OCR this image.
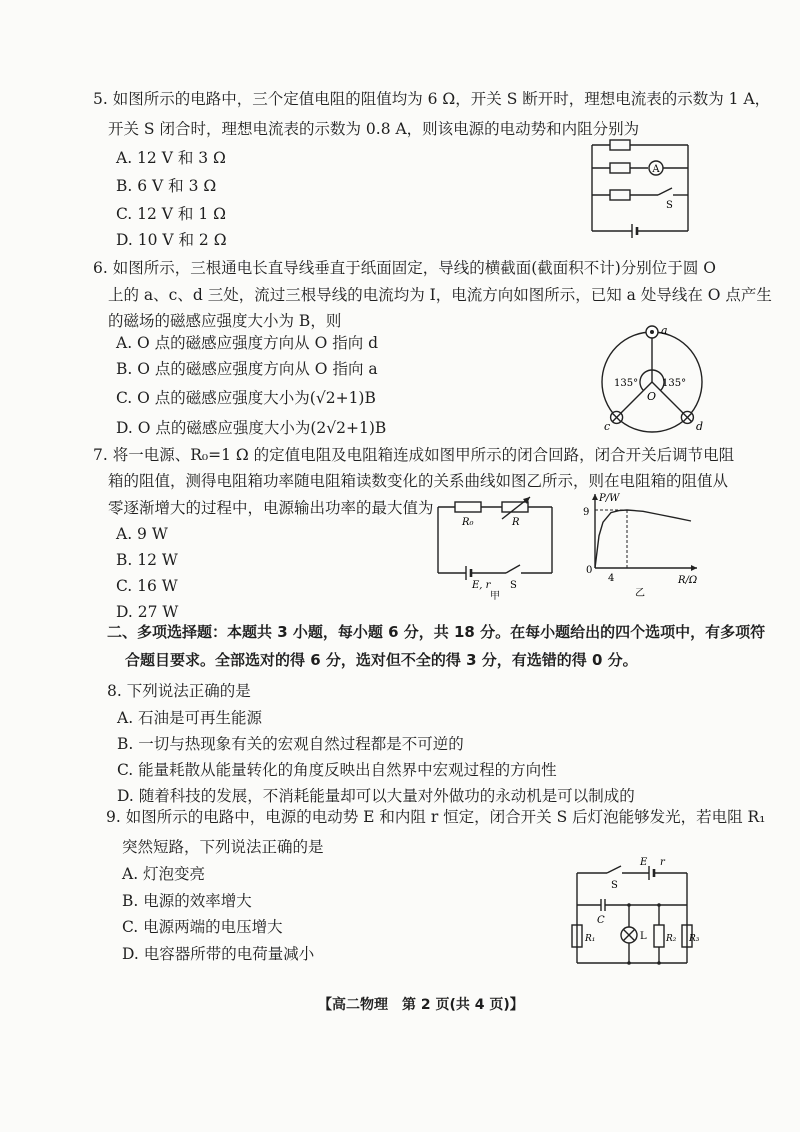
5. 如图所示的电路中，三个定值电阻的阻值均为 6 Ω，开关 S 断开时，理想电流表的示数为 1 A，
开关 S 闭合时，理想电流表的示数为 0.8 A，则该电源的电动势和内阻分别为
A. 12 V 和 3 Ω
B. 6 V 和 3 Ω
C. 12 V 和 1 Ω
D. 10 V 和 2 Ω
A
S
6. 如图所示，三根通电长直导线垂直于纸面固定，导线的横截面(截面积不计)分别位于圆 O
上的 a、c、d 三处，流过三根导线的电流均为 I，电流方向如图所示，已知 a 处导线在 O 点产生
的磁场的磁感应强度大小为 B，则
A. O 点的磁感应强度方向从 O 指向 d
B. O 点的磁感应强度方向从 O 指向 a
C. O 点的磁感应强度大小为(√2+1)B
D. O 点的磁感应强度大小为(2√2+1)B
a
c	d
O
135° 135°
7. 将一电源、R₀=1 Ω 的定值电阻及电阻箱连成如图甲所示的闭合回路，闭合开关后调节电阻
箱的阻值，测得电阻箱功率随电阻箱读数变化的关系曲线如图乙所示，则在电阻箱的阻值从
零逐渐增大的过程中，电源输出功率的最大值为
A. 9 W
B. 12 W
C. 16 W
D. 27 W
R₀	R
E, r S
甲
P/W
R/Ω
9
0
4
乙
二、多项选择题：本题共 3 小题，每小题 6 分，共 18 分。在每小题给出的四个选项中，有多项符
合题目要求。全部选对的得 6 分，选对但不全的得 3 分，有选错的得 0 分。
8. 下列说法正确的是
A. 石油是可再生能源
B. 一切与热现象有关的宏观自然过程都是不可逆的
C. 能量耗散从能量转化的角度反映出自然界中宏观过程的方向性
D. 随着科技的发展，不消耗能量却可以大量对外做功的永动机是可以制成的
9. 如图所示的电路中，电源的电动势 E 和内阻 r 恒定，闭合开关 S 后灯泡能够发光，若电阻 R₁
突然短路，下列说法正确的是
A. 灯泡变亮
B. 电源的效率增大
C. 电源两端的电压增大
D. 电容器所带的电荷量减小
S
E r
C
R₁	L R₂ R₃
【高二物理　第 2 页(共 4 页)】
